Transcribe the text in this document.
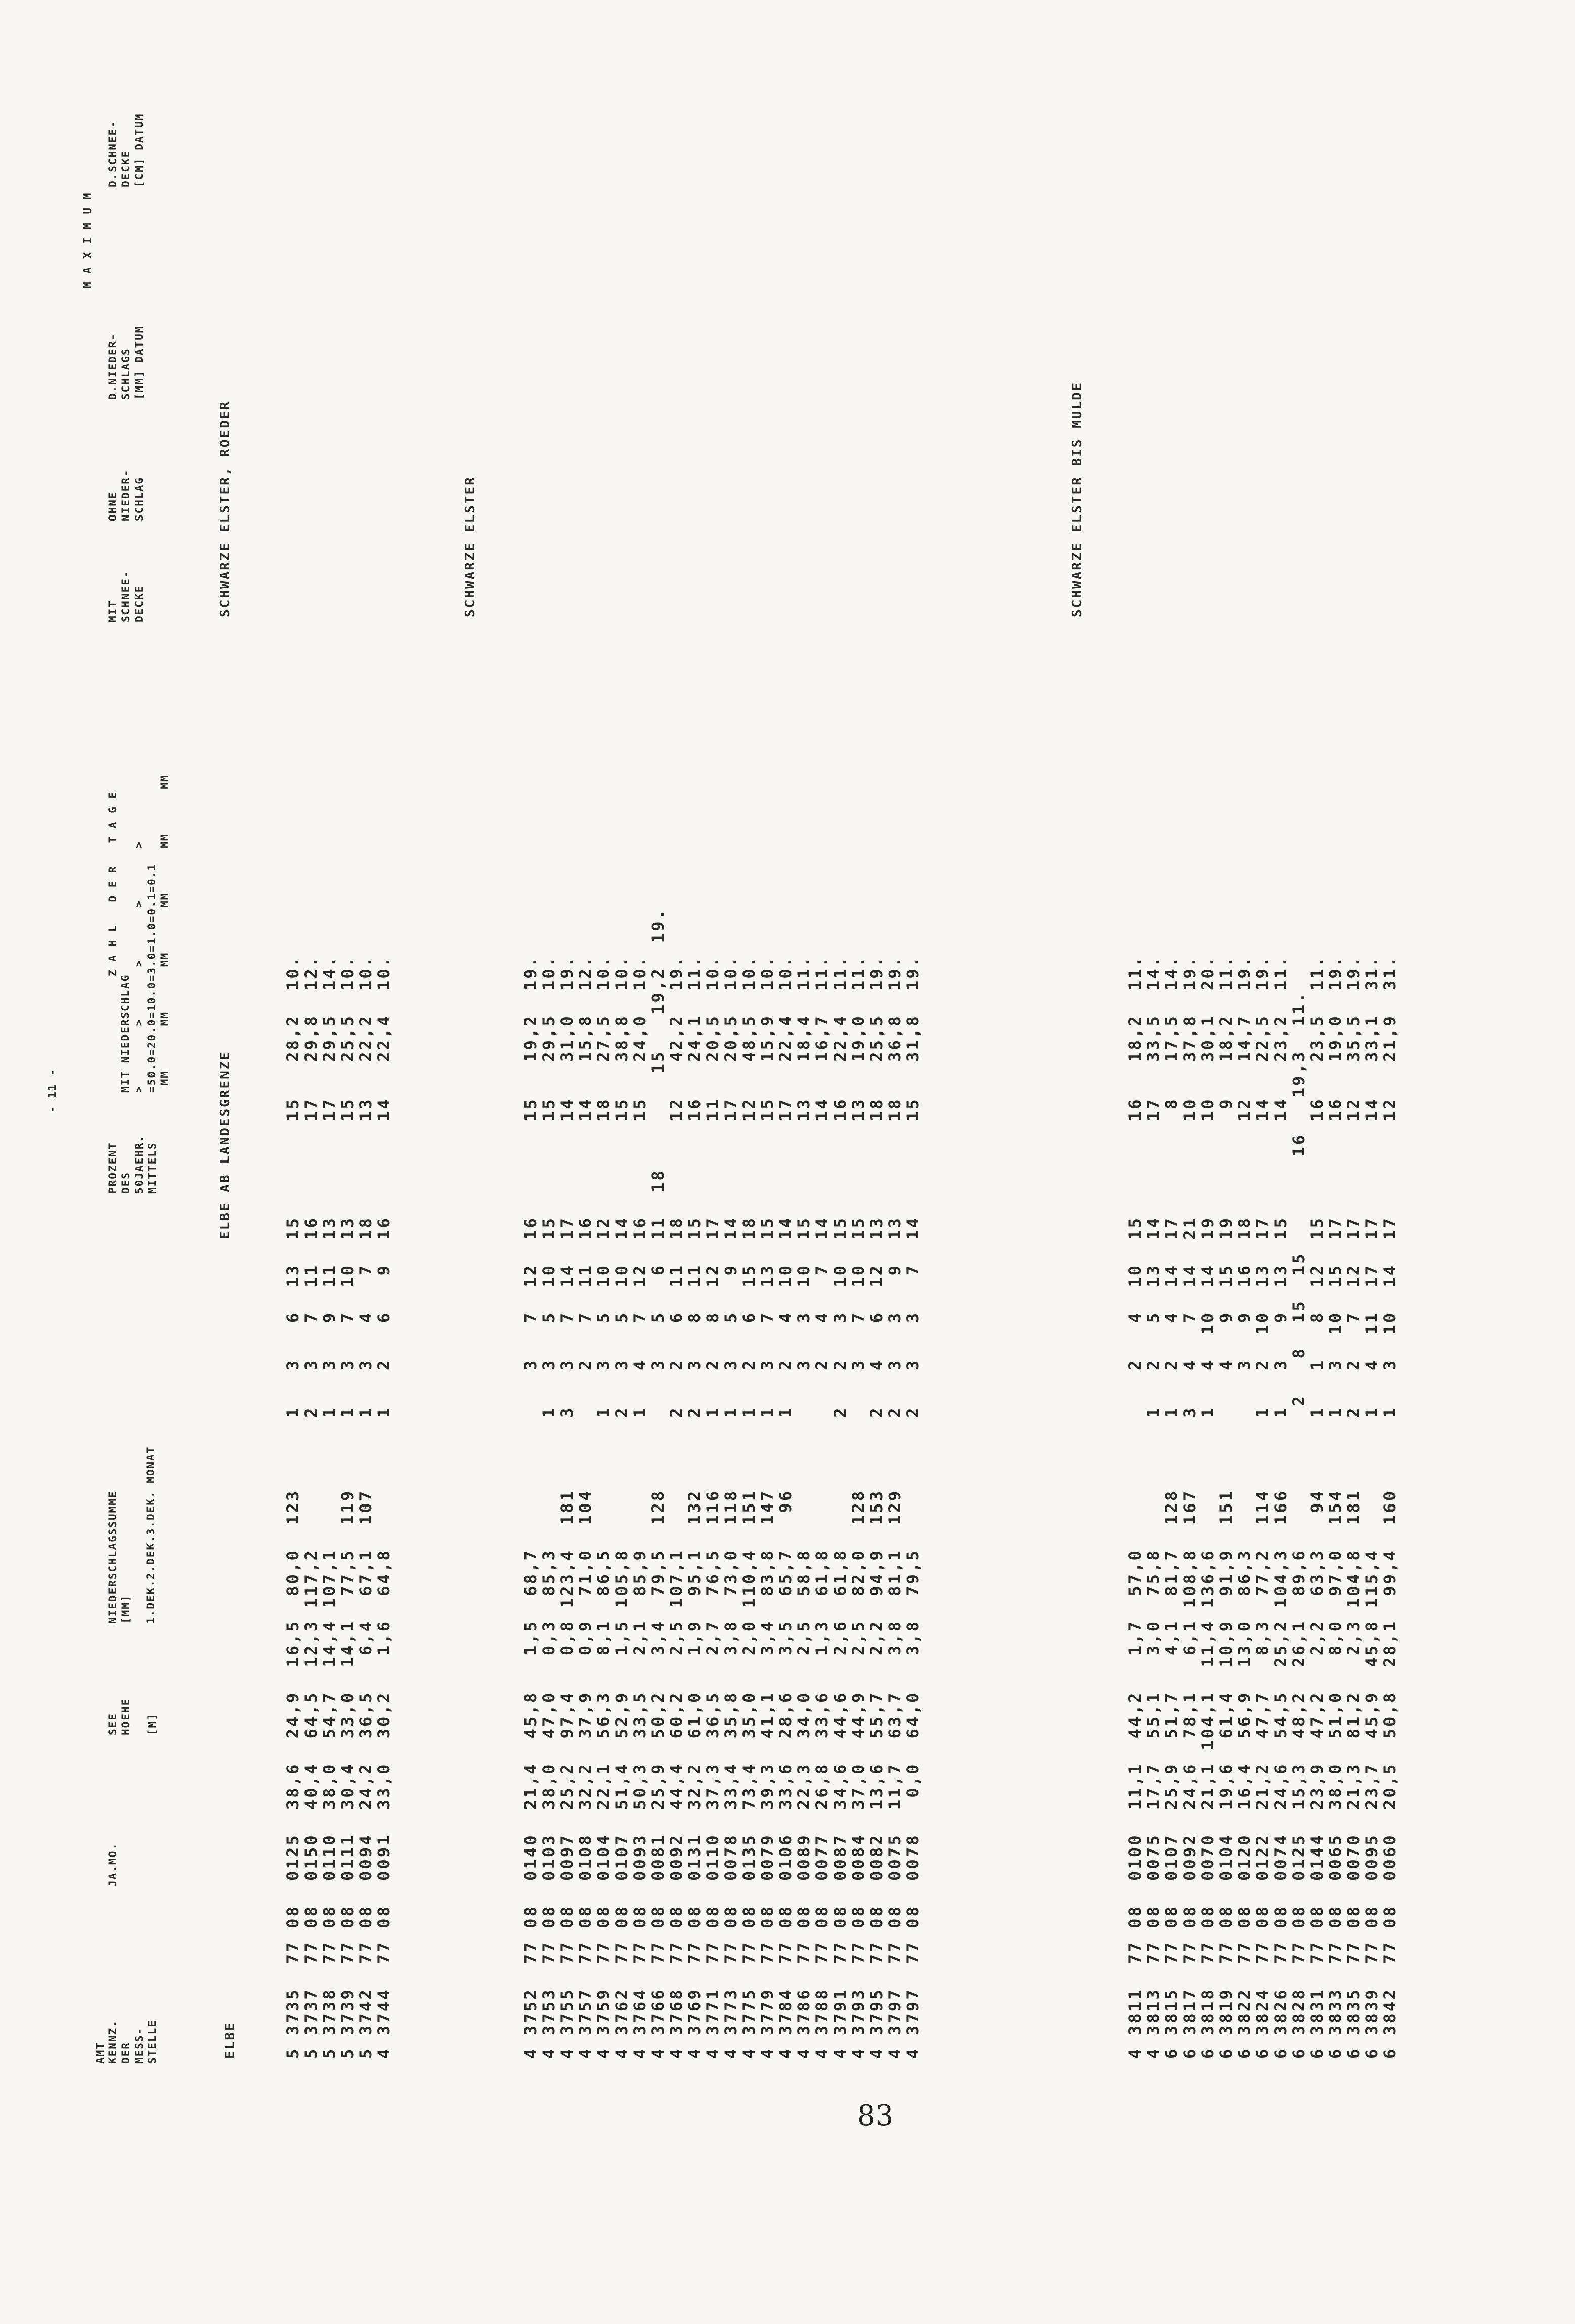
- 11 -
AMT KENNZ.
DER
MESS-
STELLE
JA.MO.
SEE
HOEHE

[M]
NIEDERSCHLAGSSUMME
[MM] 1.DEK.2.DEK.3.DEK. MONAT
PROZENT
DES
50JAEHR.
MITTELS
Z A H L   D E R   T A G E
MIT NIEDERSCHLAG
>        >       >       >       >
=50.0=20.0=10.0=3.0=1.0=0.1=0.1
MM      MM      MM      MM      MM      MM
MIT
SCHNEE-
DECKE
OHNE
NIEDER-
SCHLAG
M A X I M U M
D.NIEDER-
SCHLAGS
[MM] DATUM
D.SCHNEE-
DECKE
[CM] DATUM
ELBE
ELBE AB LANDESGRENZE
SCHWARZE ELSTER, ROEDER
5 3735  77 08  0125  38,6  24,9  16,5  80,0  123      1   3   6  13  15        15   28,2  10.
5 3737  77 08  0150  40,4  64,5  12,3 117,2           2   3   7  11  16        17   29,8  12.
5 3738  77 08  0110  38,0  54,7  14,4 107,1           1   3   9  11  13        17   29,5  14.
5 3739  77 08  0111  30,4  33,0  14,1  77,5  119      1   3   7  10  13        15   25,5  10.
5 3742  77 08  0094  24,2  36,5   6,4  67,1  107      1   3   4   7  18        13   22,2  10.
4 3744  77 08  0091  33,0  30,2   1,6  64,8           1   2   6   9  16        14   22,4  10.
SCHWARZE ELSTER
4 3752  77 08  0140  21,4  45,8   1,5  68,7               3   7  12  16        15   19,2  19.
4 3753  77 08  0103  38,0  47,0   0,3  85,3           1   3   5  10  15        15   29,5  10.
4 3755  77 08  0097  25,2  97,4   0,8 123,4  181      3   3   7  14  17        14   31,0  19.
4 3757  77 08  0108  32,2  37,9   0,9  71,0  104          2   7  11  16        14   15,8  12.
4 3759  77 08  0104  22,1  56,3   8,1  86,5           1   3   5  10  12        18   27,5  10.
4 3762  77 08  0107  51,4  52,9   1,5 105,8           2   3   5  10  14        15   38,8  10.
4 3764  77 08  0093  50,3  33,5   2,1  85,9           1   4   7  12  16        15   24,0  10.
4 3766  77 08  0081  25,9  50,2   3,4  79,5  128          3   5   6  11  18        15   19,2  19.
4 3768  77 08  0092  44,4  60,2   2,5 107,1           2   2   6  11  18        12   42,2  19.
4 3769  77 08  0131  32,2  61,0   1,9  95,1  132      2   3   8  11  15        16   24,1  11.
4 3771  77 08  0110  37,3  36,5   2,7  76,5  116      1   2   8  12  17        11   20,5  10.
4 3773  77 08  0078  33,4  35,8   3,8  73,0  118      1   3   5   9  14        17   20,5  10.
4 3775  77 08  0135  73,4  35,0   2,0 110,4  151      1   2   6  15  18        12   48,5  10.
4 3779  77 08  0079  39,3  41,1   3,4  83,8  147      1   3   7  13  15        15   15,9  10.
4 3784  77 08  0106  33,6  28,6   3,5  65,7   96      1   2   4  10  14        17   22,4  10.
4 3786  77 08  0089  22,3  34,0   2,5  58,8               3   3  10  15        13   18,4  11.
4 3788  77 08  0077  26,8  33,6   1,3  61,8               2   4   7  14        14   16,7  11.
4 3791  77 08  0087  34,6  44,6   2,6  61,8           2   2   3  10  15        16   22,4  11.
4 3793  77 08  0084  37,0  44,9   2,5  82,0  128          3   7  10  15        13   19,0  11.
4 3795  77 08  0082  13,6  55,7   2,2  94,9  153      2   4   6  12  13        18   25,5  19.
4 3797  77 08  0075  11,7  63,7   3,8  81,1  129      2   3   3   9  13        18   36,8  19.
4 3797  77 08  0078   0,0  64,0   3,8  79,5           2   3   3   7  14        15   31,8  19.
SCHWARZE ELSTER BIS MULDE
4 3811  77 08  0100  11,1  44,2   1,7  57,0               2   4  10  15        16   18,2  11.
4 3813  77 08  0075  17,7  55,1   3,0  75,8           1   2   5  13  14        17   33,5  14.
6 3815  77 08  0107  25,9  51,7   4,1  81,7  128      1   2   4  14  17         8   17,5  14.
6 3817  77 08  0092  24,6  78,1   6,1 108,8  167      3   4   7  14  21        10   37,8  19.
6 3818  77 08  0070  21,1 104,1  11,4 136,6           1   4  10  14  19        10   30,1  20.
6 3819  77 08  0104  19,6  61,4  10,9  91,9  151          4   9  15  19         9   18,2  11.
6 3822  77 08  0120  16,4  56,9  13,0  86,3               3   9  16  18        12   14,7  19.
6 3824  77 08  0122  21,2  47,7   8,3  77,2  114      1   2  10  13  17        14   22,5  19.
6 3826  77 08  0074  24,6  54,5  25,2 104,3  166      1   3   9  13  15        14   23,2  11.
6 3828  77 08  0125  15,3  48,2  26,1  89,6            2   8  15  15        16   19,3  11.
6 3831  77 08  0144  23,9  47,2   2,2  63,3   94      1   1   8  12  15        16   23,5  11.
6 3833  77 08  0065  38,0  51,0   8,0  97,0  154      1   3  10  15  17        16   19,0  19.
6 3835  77 08  0070  21,3  81,2   2,3 104,8  181      2   2   7  12  17        12   35,5  19.
6 3839  77 08  0095  23,7  45,9  45,8 115,4           1   4  11  17  17        14   33,1  31.
6 3842  77 08  0060  20,5  50,8  28,1  99,4  160      1   3  10  14  17        12   21,9  31.
83
